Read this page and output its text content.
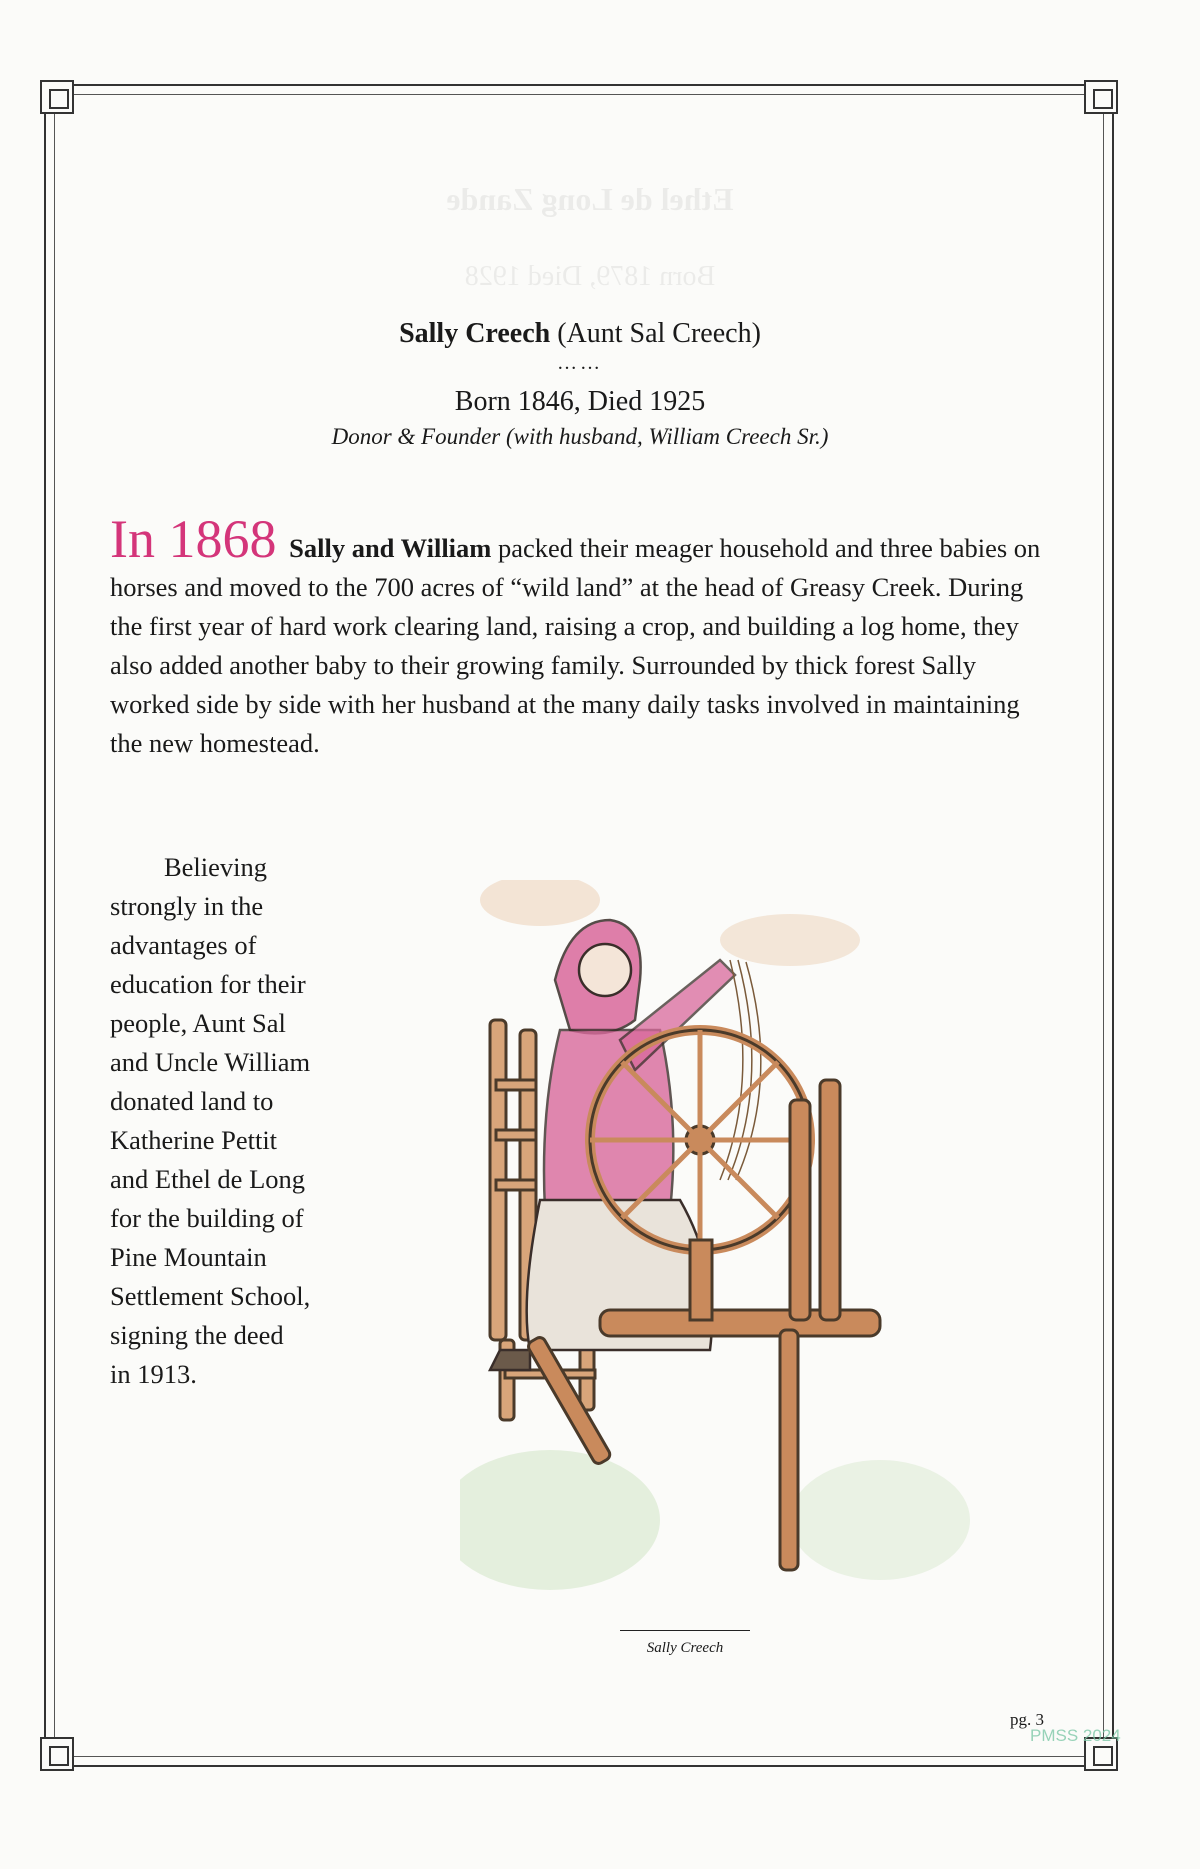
Ethel de Long Zande
Born 1879, Died 1928
Sally Creech (Aunt Sal Creech)
……
Born 1846, Died 1925
Donor & Founder (with husband, William Creech Sr.)
In 1868 Sally and William packed their meager household and three babies on horses and moved to the 700 acres of “wild land” at the head of Greasy Creek. During the first year of hard work clearing land, raising a crop, and building a log home, they also added another baby to their growing family. Surrounded by thick forest Sally worked side by side with her husband at the many daily tasks involved in maintaining the new homestead.
Believing
strongly in the
advantages of
education for their
people, Aunt Sal
and Uncle William
donated land to
Katherine Pettit
and Ethel de Long
for the building of
Pine Mountain
Settlement School,
signing the deed
in 1913.
Sally Creech
pg. 3
PMSS 2024
